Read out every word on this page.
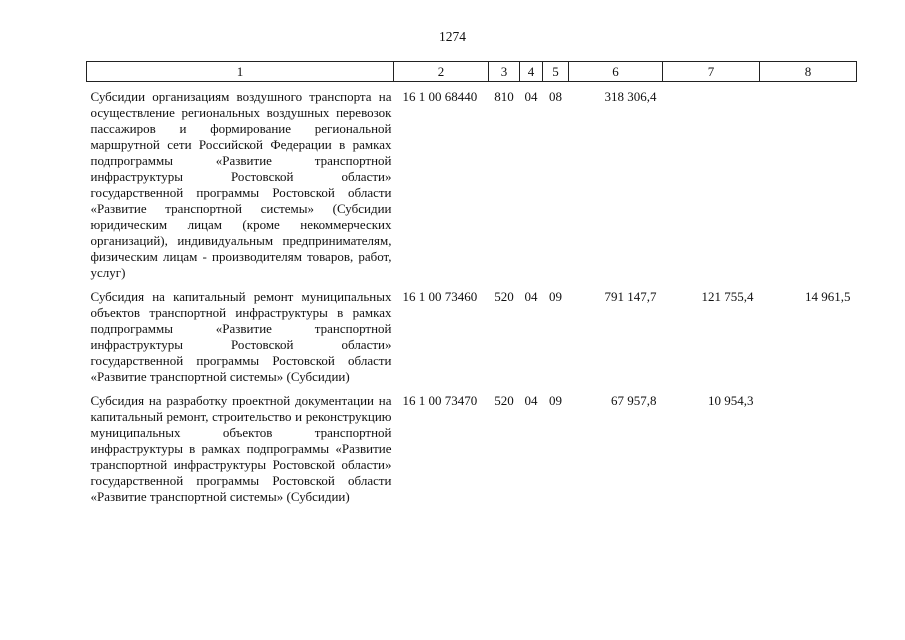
1274
1	2	3	4	5	6	7	8
Субсидии организациям воздушного транспорта на осуществление региональных воздушных перевозок пассажиров и формирование региональной маршрутной сети Российской Федерации в рамках подпрограммы «Развитие транспортной инфраструктуры Ростовской области» государственной программы Ростовской области «Развитие транспортной системы» (Субсидии юридическим лицам (кроме некоммерческих организаций), индивидуальным предпринимателям, физическим лицам - производителям товаров, работ, услуг)	16 1 00 68440	810	04	08	318 306,4		
Субсидия на капитальный ремонт муниципальных объектов транспортной инфраструктуры в рамках подпрограммы «Развитие транспортной инфраструктуры Ростовской области» государственной программы Ростовской области «Развитие транспортной системы» (Субсидии)	16 1 00 73460	520	04	09	791 147,7	121 755,4	14 961,5
Субсидия на разработку проектной документации на капитальный ремонт, строительство и реконструкцию муниципальных объектов транспортной инфраструктуры в рамках подпрограммы «Развитие транспортной инфраструктуры Ростовской области» государственной программы Ростовской области «Развитие транспортной системы» (Субсидии)	16 1 00 73470	520	04	09	67 957,8	10 954,3	
